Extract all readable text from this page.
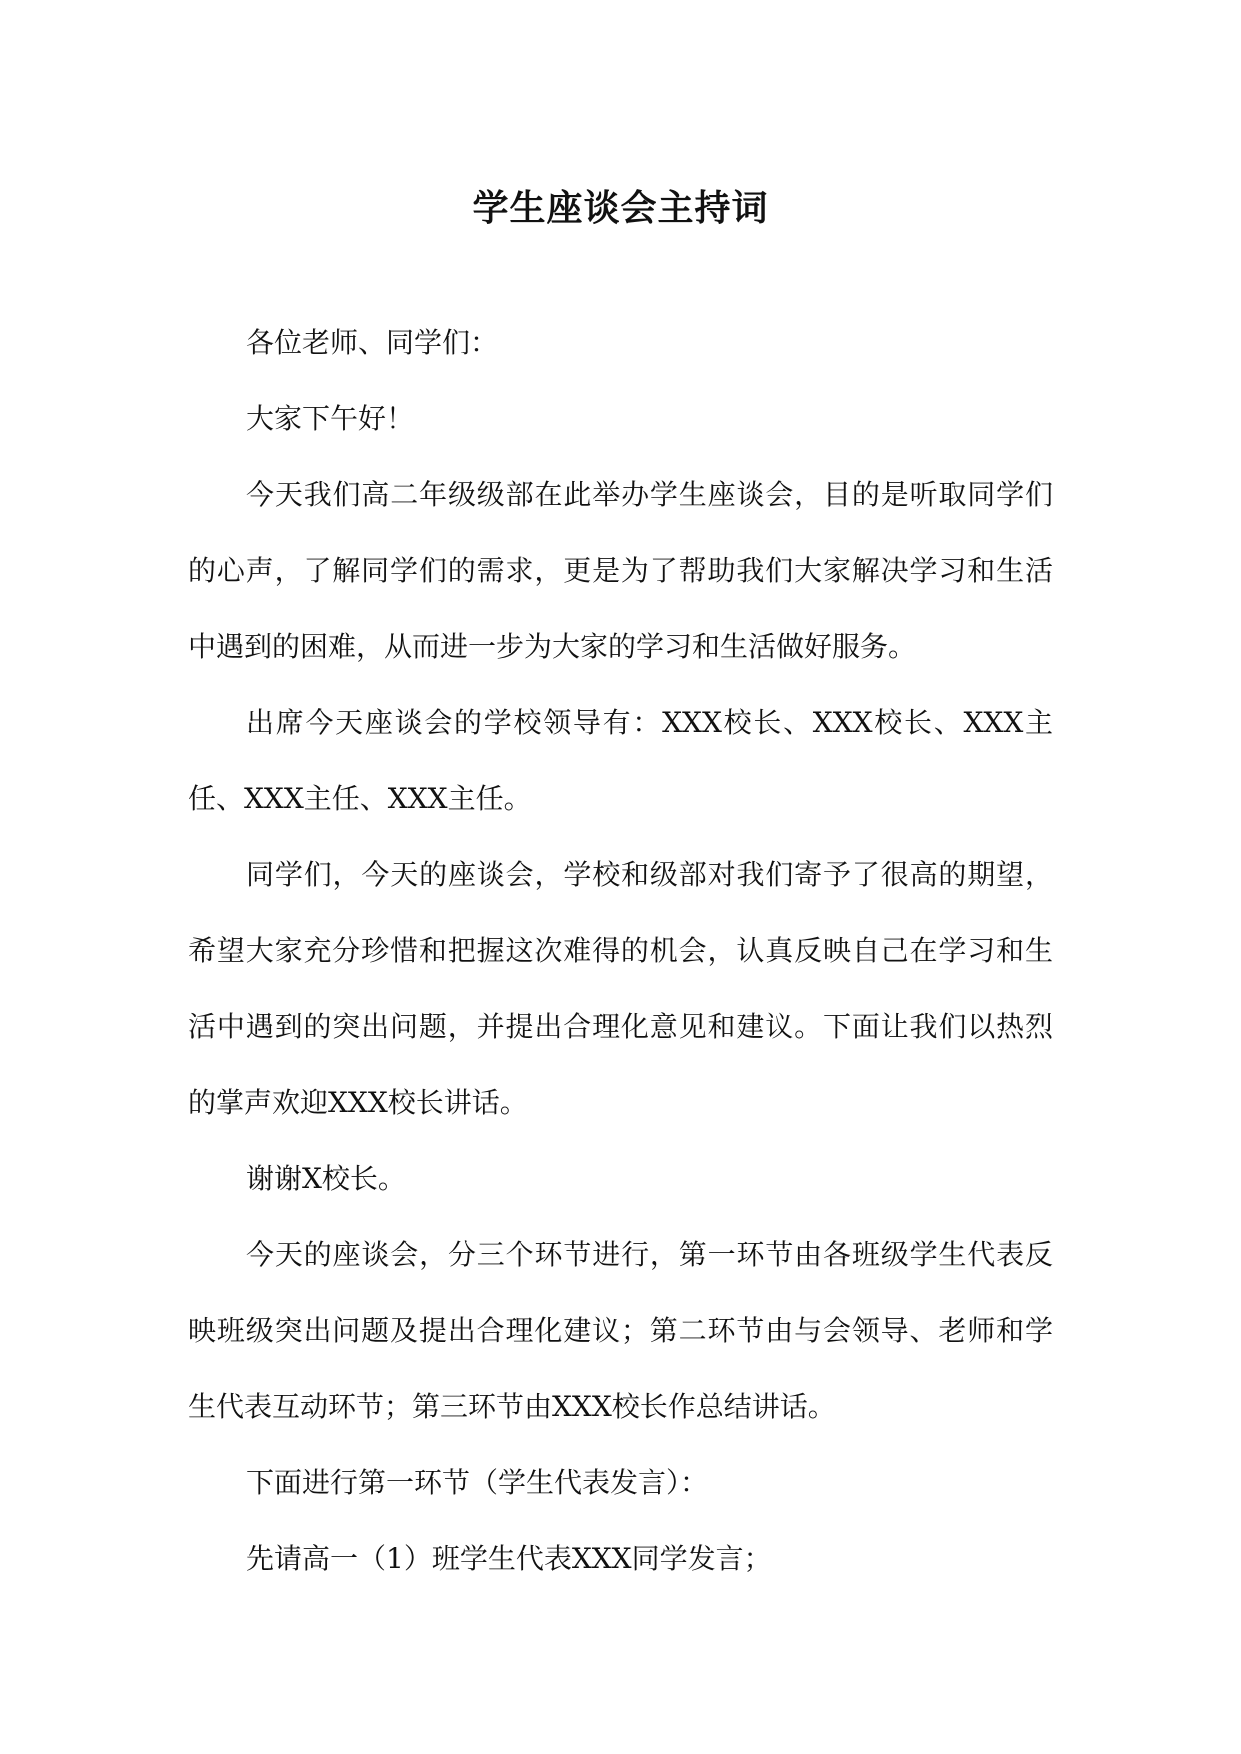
学生座谈会主持词

各位老师、同学们：

大家下午好！

今天我们高二年级级部在此举办学生座谈会，目的是听取同学们的心声，了解同学们的需求，更是为了帮助我们大家解决学习和生活中遇到的困难，从而进一步为大家的学习和生活做好服务。

出席今天座谈会的学校领导有：XXX校长、XXX校长、XXX主任、XXX主任、XXX主任。

同学们，今天的座谈会，学校和级部对我们寄予了很高的期望，希望大家充分珍惜和把握这次难得的机会，认真反映自己在学习和生活中遇到的突出问题，并提出合理化意见和建议。下面让我们以热烈的掌声欢迎XXX校长讲话。

谢谢X校长。

今天的座谈会，分三个环节进行，第一环节由各班级学生代表反映班级突出问题及提出合理化建议；第二环节由与会领导、老师和学生代表互动环节；第三环节由XXX校长作总结讲话。

下面进行第一环节（学生代表发言）：

先请高一（1）班学生代表XXX同学发言；
